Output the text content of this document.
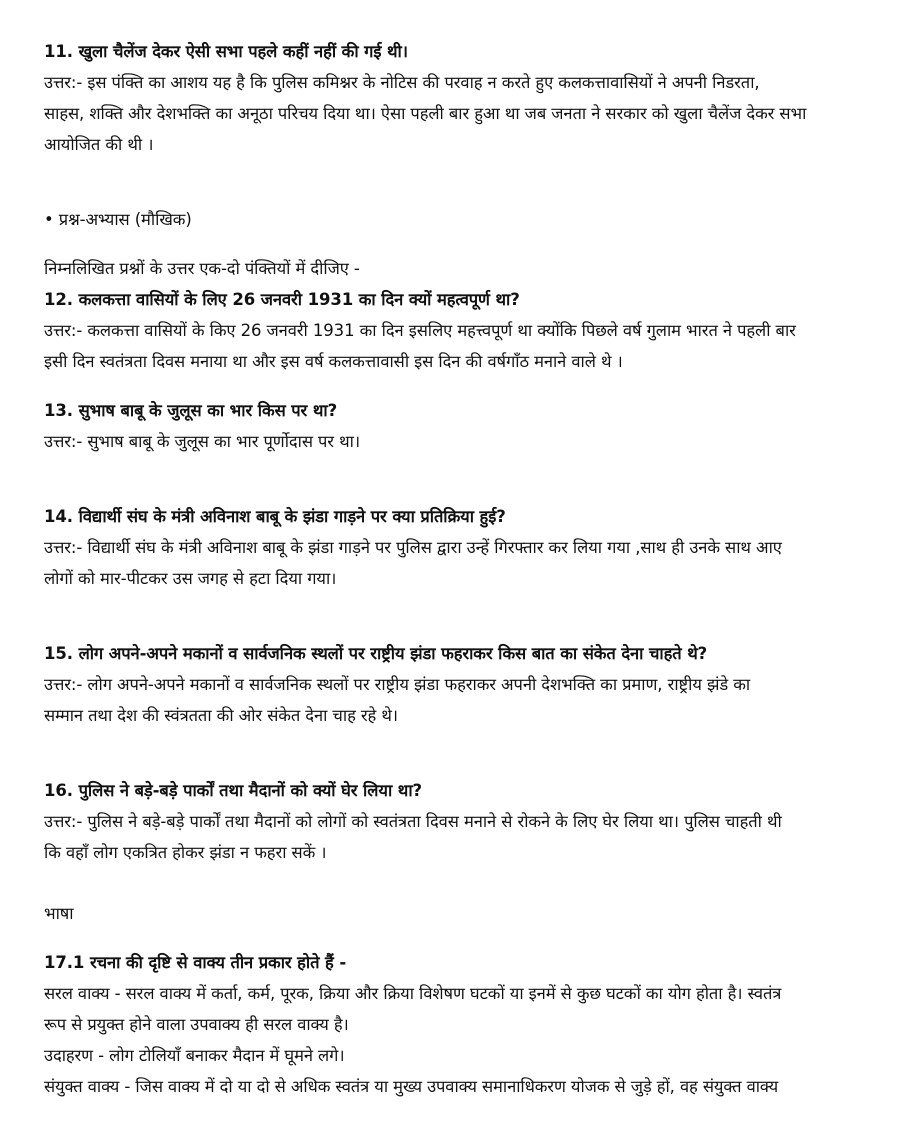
11. खुला चैलेंज देकर ऐसी सभा पहले कहीं नहीं की गई थी।
उत्तर:- इस पंक्ति का आशय यह है कि पुलिस कमिश्नर के नोटिस की परवाह न करते हुए कलकत्तावासियों ने अपनी निडरता,
साहस, शक्ति और देशभक्ति का अनूठा परिचय दिया था। ऐसा पहली बार हुआ था जब जनता ने सरकार को खुला चैलेंज देकर सभा
आयोजित की थी ।
• प्रश्न-अभ्यास (मौखिक)
निम्नलिखित प्रश्नों के उत्तर एक-दो पंक्तियों में दीजिए -
12. कलकत्ता वासियों के लिए 26 जनवरी 1931 का दिन क्यों महत्वपूर्ण था?
उत्तर:- कलकत्ता वासियों के किए 26 जनवरी 1931 का दिन इसलिए महत्त्वपूर्ण था क्योंकि पिछले वर्ष गुलाम भारत ने पहली बार
इसी दिन स्वतंत्रता दिवस मनाया था और इस वर्ष कलकत्तावासी इस दिन की वर्षगाँठ मनाने वाले थे ।
13. सुभाष बाबू के जुलूस का भार किस पर था?
उत्तर:- सुभाष बाबू के जुलूस का भार पूर्णोदास पर था।
14. विद्यार्थी संघ के मंत्री अविनाश बाबू के झंडा गाड़ने पर क्या प्रतिक्रिया हुई?
उत्तर:- विद्यार्थी संघ के मंत्री अविनाश बाबू के झंडा गाड़ने पर पुलिस द्वारा उन्हें गिरफ्तार कर लिया गया ,साथ ही उनके साथ आए
लोगों को मार-पीटकर उस जगह से हटा दिया गया।
15. लोग अपने-अपने मकानों व सार्वजनिक स्थलों पर राष्ट्रीय झंडा फहराकर किस बात का संकेत देना चाहते थे?
उत्तर:- लोग अपने-अपने मकानों व सार्वजनिक स्थलों पर राष्ट्रीय झंडा फहराकर अपनी देशभक्ति का प्रमाण, राष्ट्रीय झंडे का
सम्मान तथा देश की स्वंत्रतता की ओर संकेत देना चाह रहे थे।
16. पुलिस ने बड़े-बड़े पार्कों तथा मैदानों को क्यों घेर लिया था?
उत्तर:- पुलिस ने बड़े-बड़े पार्कों तथा मैदानों को लोगों को स्वतंत्रता दिवस मनाने से रोकने के लिए घेर लिया था। पुलिस चाहती थी
कि वहाँ लोग एकत्रित होकर झंडा न फहरा सकें ।
भाषा
17.1 रचना की दृष्टि से वाक्य तीन प्रकार होते हैं -
सरल वाक्य - सरल वाक्य में कर्ता, कर्म, पूरक, क्रिया और क्रिया विशेषण घटकों या इनमें से कुछ घटकों का योग होता है। स्वतंत्र
रूप से प्रयुक्त होने वाला उपवाक्य ही सरल वाक्य है।
उदाहरण - लोग टोलियाँ बनाकर मैदान में घूमने लगे।
संयुक्त वाक्य - जिस वाक्य में दो या दो से अधिक स्वतंत्र या मुख्य उपवाक्य समानाधिकरण योजक से जुड़े हों, वह संयुक्त वाक्य
